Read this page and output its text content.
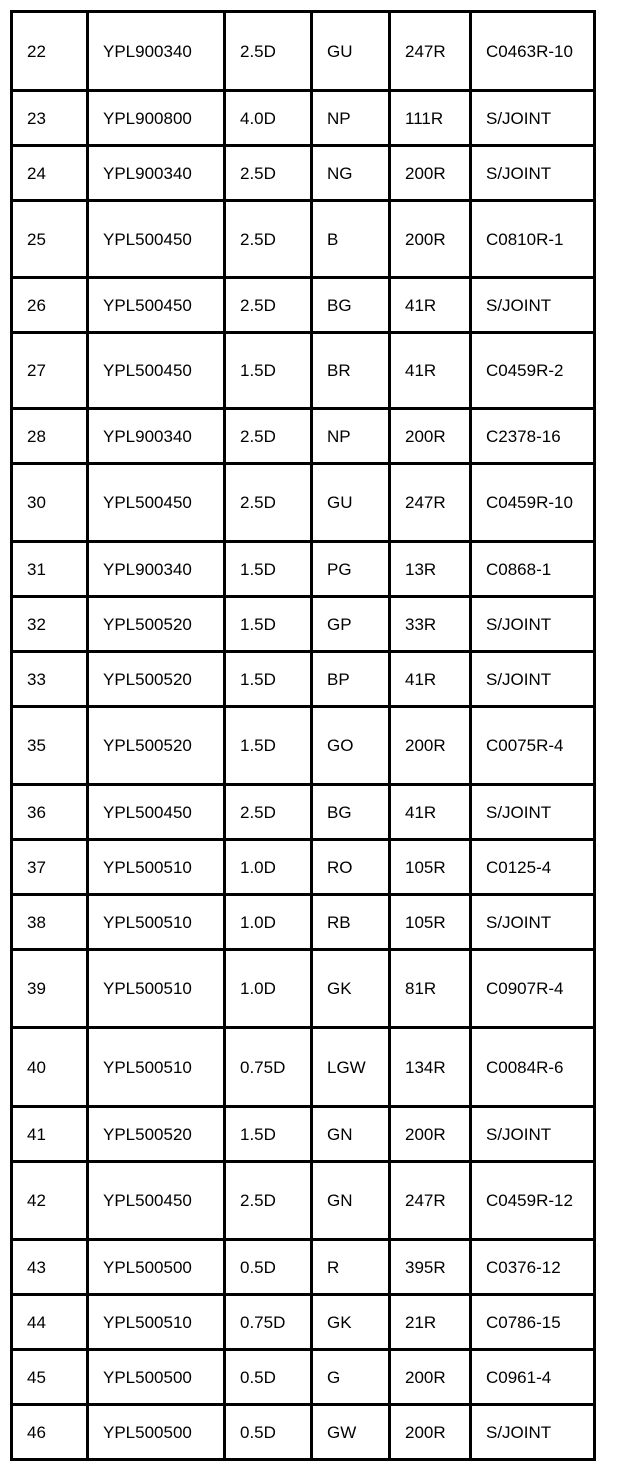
22	YPL900340	2.5D	GU	247R	C0463R-10
23	YPL900800	4.0D	NP	111R	S/JOINT
24	YPL900340	2.5D	NG	200R	S/JOINT
25	YPL500450	2.5D	B	200R	C0810R-1
26	YPL500450	2.5D	BG	41R	S/JOINT
27	YPL500450	1.5D	BR	41R	C0459R-2
28	YPL900340	2.5D	NP	200R	C2378-16
30	YPL500450	2.5D	GU	247R	C0459R-10
31	YPL900340	1.5D	PG	13R	C0868-1
32	YPL500520	1.5D	GP	33R	S/JOINT
33	YPL500520	1.5D	BP	41R	S/JOINT
35	YPL500520	1.5D	GO	200R	C0075R-4
36	YPL500450	2.5D	BG	41R	S/JOINT
37	YPL500510	1.0D	RO	105R	C0125-4
38	YPL500510	1.0D	RB	105R	S/JOINT
39	YPL500510	1.0D	GK	81R	C0907R-4
40	YPL500510	0.75D	LGW	134R	C0084R-6
41	YPL500520	1.5D	GN	200R	S/JOINT
42	YPL500450	2.5D	GN	247R	C0459R-12
43	YPL500500	0.5D	R	395R	C0376-12
44	YPL500510	0.75D	GK	21R	C0786-15
45	YPL500500	0.5D	G	200R	C0961-4
46	YPL500500	0.5D	GW	200R	S/JOINT
